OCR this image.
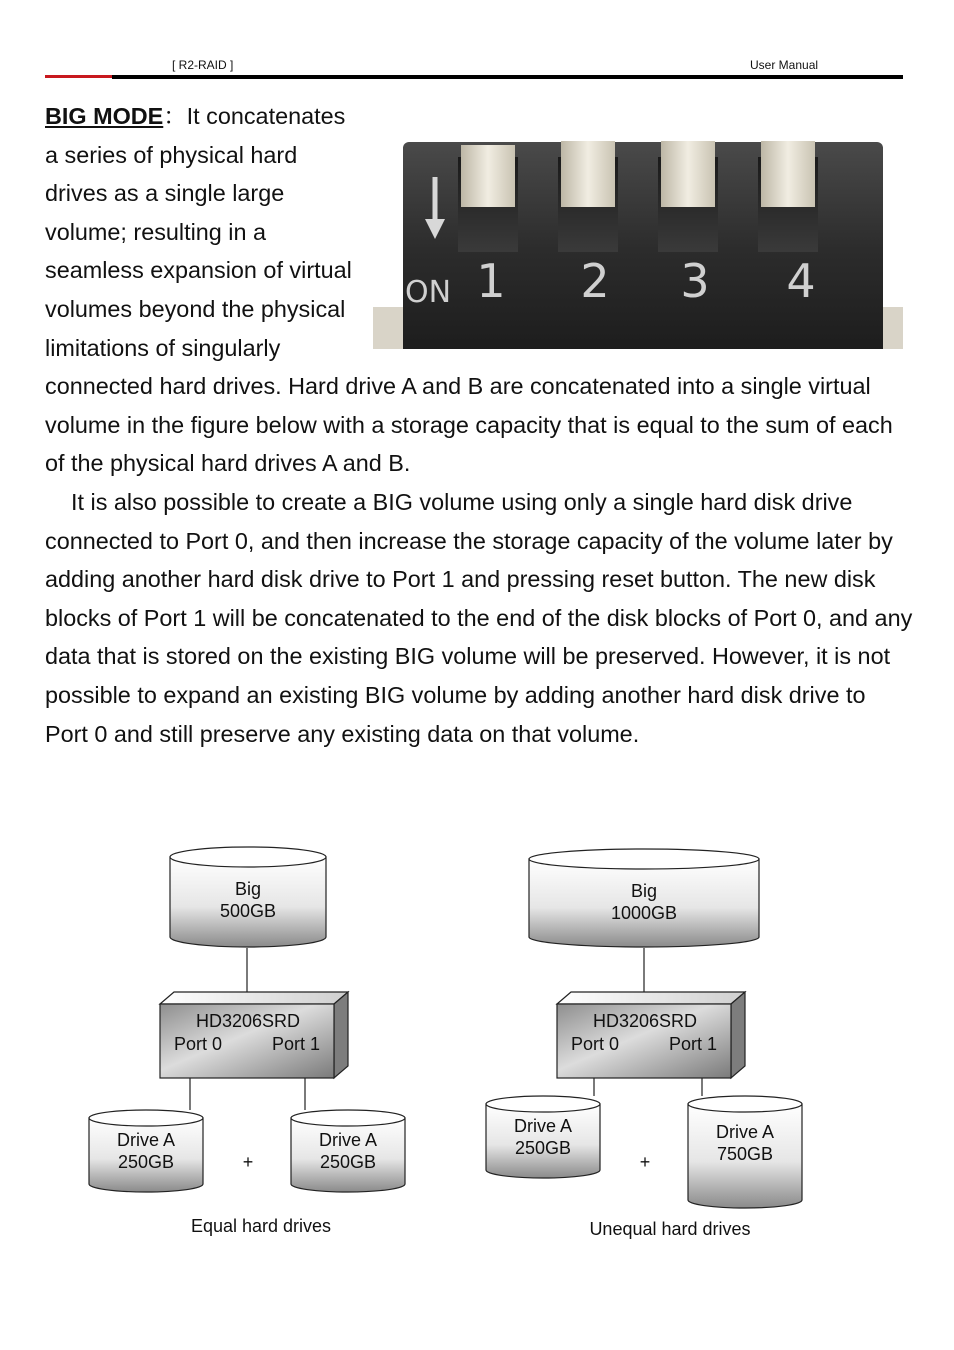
[ R2-RAID ]	User Manual
ON 1 2 3 4

BIG MODE：It concatenates a series of physical hard drives as a single large volume; resulting in a seamless expansion of virtual volumes beyond the physical limitations of singularly connected hard drives. Hard drive A and B are concatenated into a single virtual volume in the figure below with a storage capacity that is equal to the sum of each of the physical hard drives A and B.

It is also possible to create a BIG volume using only a single hard disk drive connected to Port 0, and then increase the storage capacity of the volume later by adding another hard disk drive to Port 1 and pressing reset button. The new disk blocks of Port 1 will be concatenated to the end of the disk blocks of Port 0, and any data that is stored on the existing BIG volume will be preserved. However, it is not possible to expand an existing BIG volume by adding another hard disk drive to Port 0 and still preserve any existing data on that volume.

Big
500GB
HD3206SRD
Port 0	Port 1
Drive A
250GB	+
Drive A
250GB
Equal hard drives
Big
1000GB
HD3206SRD
Port 0	Port 1
Drive A
250GB
+
Drive A
750GB
Unequal hard drives
